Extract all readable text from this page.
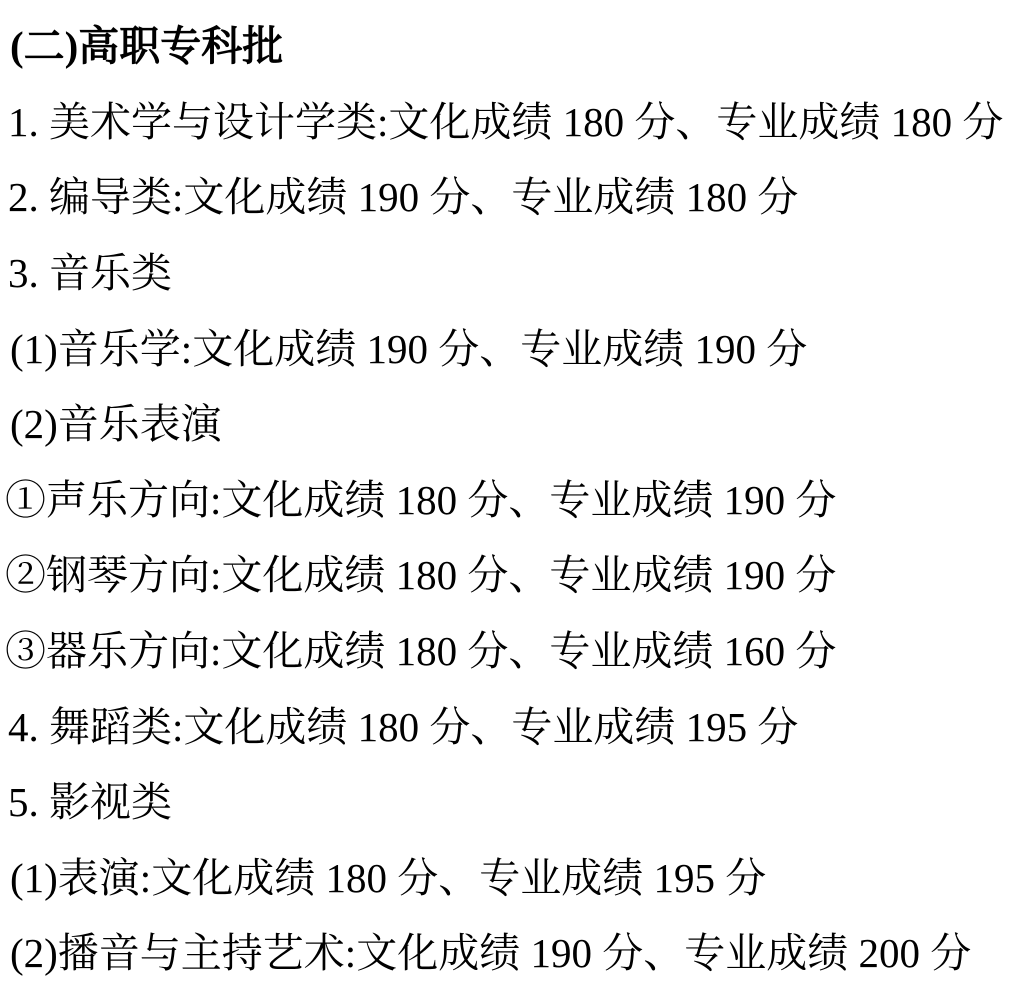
(二)高职专科批
1. 美术学与设计学类:文化成绩 180 分、专业成绩 180 分
2. 编导类:文化成绩 190 分、专业成绩 180 分
3. 音乐类
(1)音乐学:文化成绩 190 分、专业成绩 190 分
(2)音乐表演
①声乐方向:文化成绩 180 分、专业成绩 190 分
②钢琴方向:文化成绩 180 分、专业成绩 190 分
③器乐方向:文化成绩 180 分、专业成绩 160 分
4. 舞蹈类:文化成绩 180 分、专业成绩 195 分
5. 影视类
(1)表演:文化成绩 180 分、专业成绩 195 分
(2)播音与主持艺术:文化成绩 190 分、专业成绩 200 分
